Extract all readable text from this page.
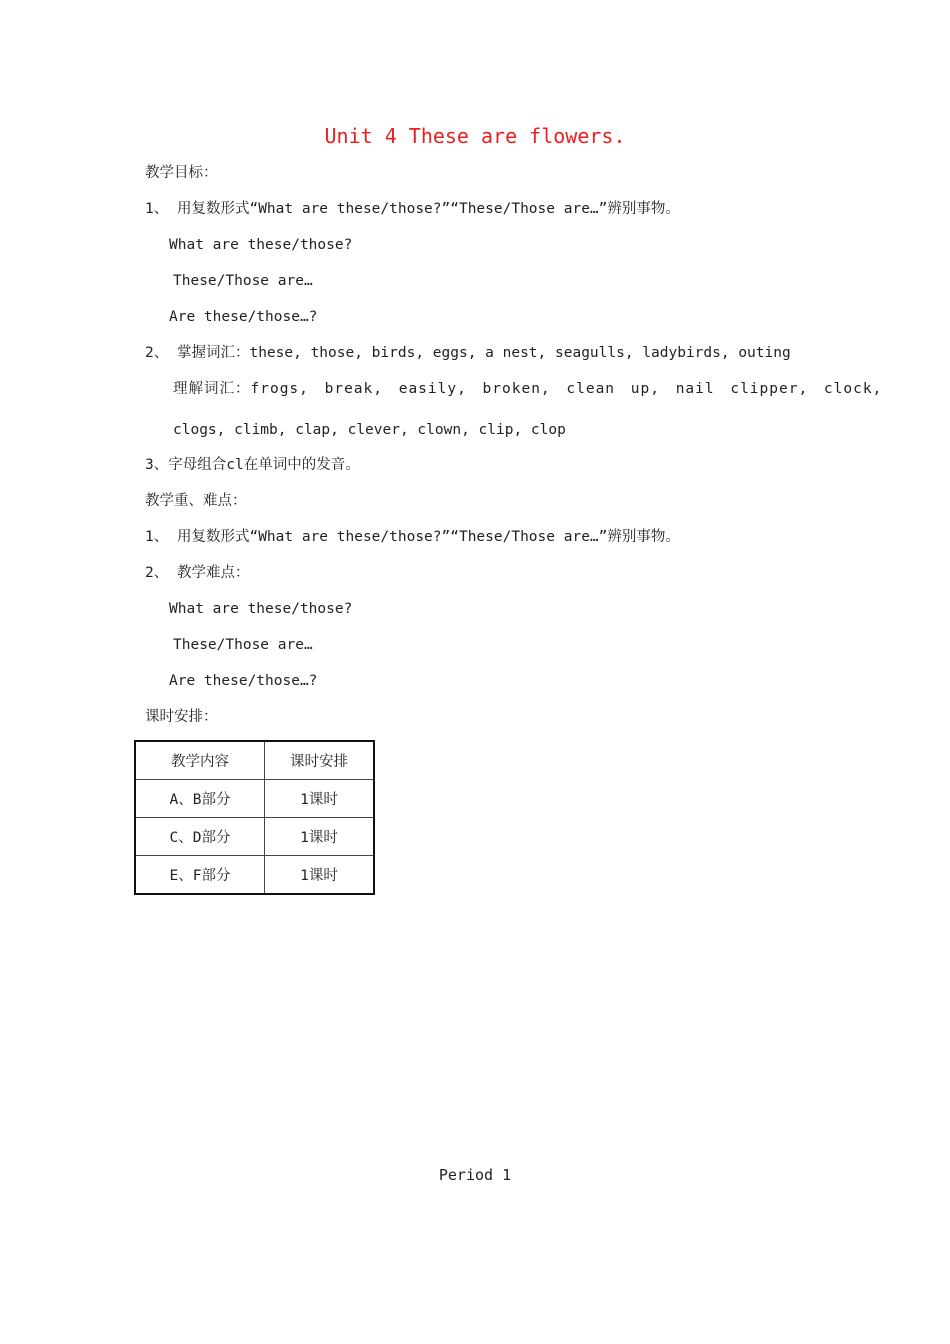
Unit 4 These are flowers.
教学目标：
1、 用复数形式“What are these/those?”“These/Those are…”辨别事物。
What are these/those?
These/Those are…
Are these/those…?
2、 掌握词汇：these, those, birds, eggs, a nest, seagulls, ladybirds, outing
理解词汇：frogs, break, easily, broken, clean up, nail clipper, clock,
clogs, climb, clap, clever, clown, clip, clop
3、字母组合cl在单词中的发音。
教学重、难点：
1、 用复数形式“What are these/those?”“These/Those are…”辨别事物。
2、 教学难点：
What are these/those?
These/Those are…
Are these/those…?
课时安排：
教学内容	课时安排
A、B部分	1课时
C、D部分	1课时
E、F部分	1课时
Period 1
